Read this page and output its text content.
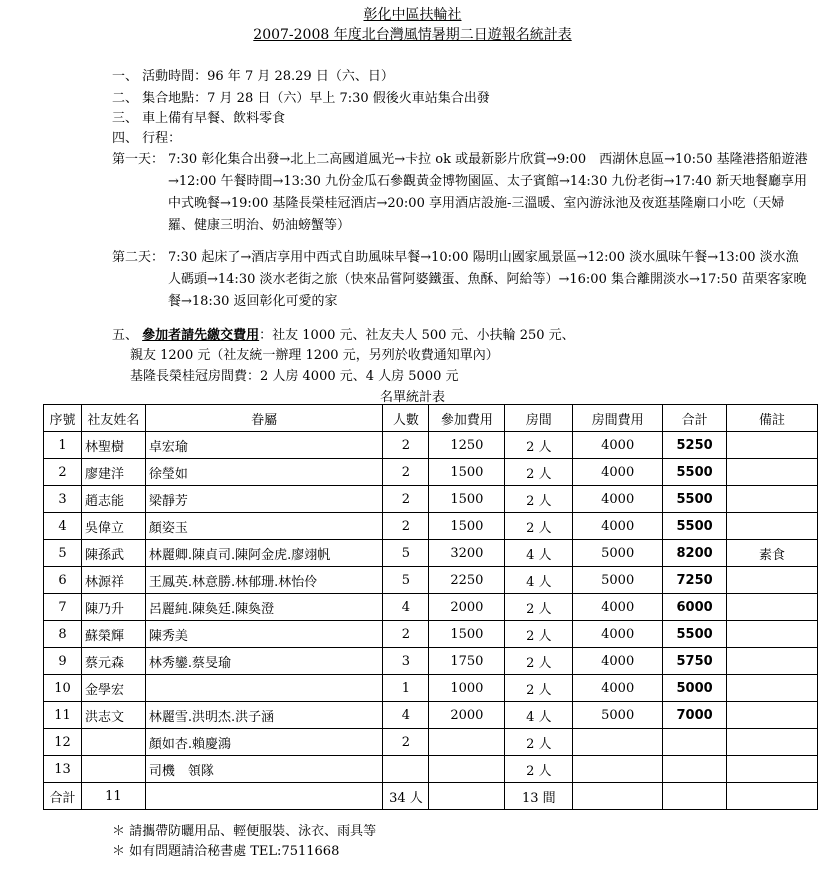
彰化中區扶輪社
2007-2008 年度北台灣風情暑期二日遊報名統計表
一、 活動時間：96 年 7 月 28.29 日（六、日）
二、 集合地點：7 月 28 日（六）早上 7:30 假後火車站集合出發
三、 車上備有早餐、飲料零食
四、 行程：
第一天： 7:30 彰化集合出發→北上二高國道風光→卡拉 ok 或最新影片欣賞→9:00　西湖休息區→10:50 基隆港搭船遊港→12:00 午餐時間→13:30 九份金瓜石參觀黃金博物園區、太子賓館→14:30 九份老街→17:40 新天地餐廳享用中式晚餐→19:00 基隆長榮桂冠酒店→20:00 享用酒店設施-三溫暖、室內游泳池及夜逛基隆廟口小吃（天婦羅、健康三明治、奶油螃蟹等）
第二天： 7:30 起床了→酒店享用中西式自助風味早餐→10:00 陽明山國家風景區→12:00 淡水風味午餐→13:00 淡水漁人碼頭→14:30 淡水老街之旅（快來品嘗阿婆鐵蛋、魚酥、阿給等）→16:00 集合離開淡水→17:50 苗栗客家晚餐→18:30 返回彰化可愛的家
五、 參加者請先繳交費用：社友 1000 元、社友夫人 500 元、小扶輪 250 元、
親友 1200 元（社友統一辦理 1200 元，另列於收費通知單內）
基隆長榮桂冠房間費：2 人房 4000 元、4 人房 5000 元
名單統計表
序號	社友姓名	眷屬	人數	參加費用	房間	房間費用	合計	備註
1	林聖樹	卓宏瑜	2	1250	2 人	4000	5250	
2	廖建洋	徐瑩如	2	1500	2 人	4000	5500	
3	趙志能	梁靜芳	2	1500	2 人	4000	5500	
4	吳偉立	顏姿玉	2	1500	2 人	4000	5500	
5	陳孫武	林麗卿.陳貞司.陳阿金虎.廖翊帆	5	3200	4 人	5000	8200	素食
6	林源祥	王鳳英.林意勝.林郁珊.林怡伶	5	2250	4 人	5000	7250	
7	陳乃升	呂麗純.陳奐廷.陳奐澄	4	2000	2 人	4000	6000	
8	蘇榮輝	陳秀美	2	1500	2 人	4000	5500	
9	蔡元森	林秀鑾.蔡旻瑜	3	1750	2 人	4000	5750	
10	金學宏		1	1000	2 人	4000	5000	
11	洪志文	林麗雪.洪明杰.洪子涵	4	2000	4 人	5000	7000	
12		顏如杏.賴慶鴻	2		2 人			
13		司機　領隊			2 人			
合計	11		34 人		13 間			
＊ 請攜帶防曬用品、輕便服裝、泳衣、雨具等
＊ 如有問題請洽秘書處 TEL:7511668
